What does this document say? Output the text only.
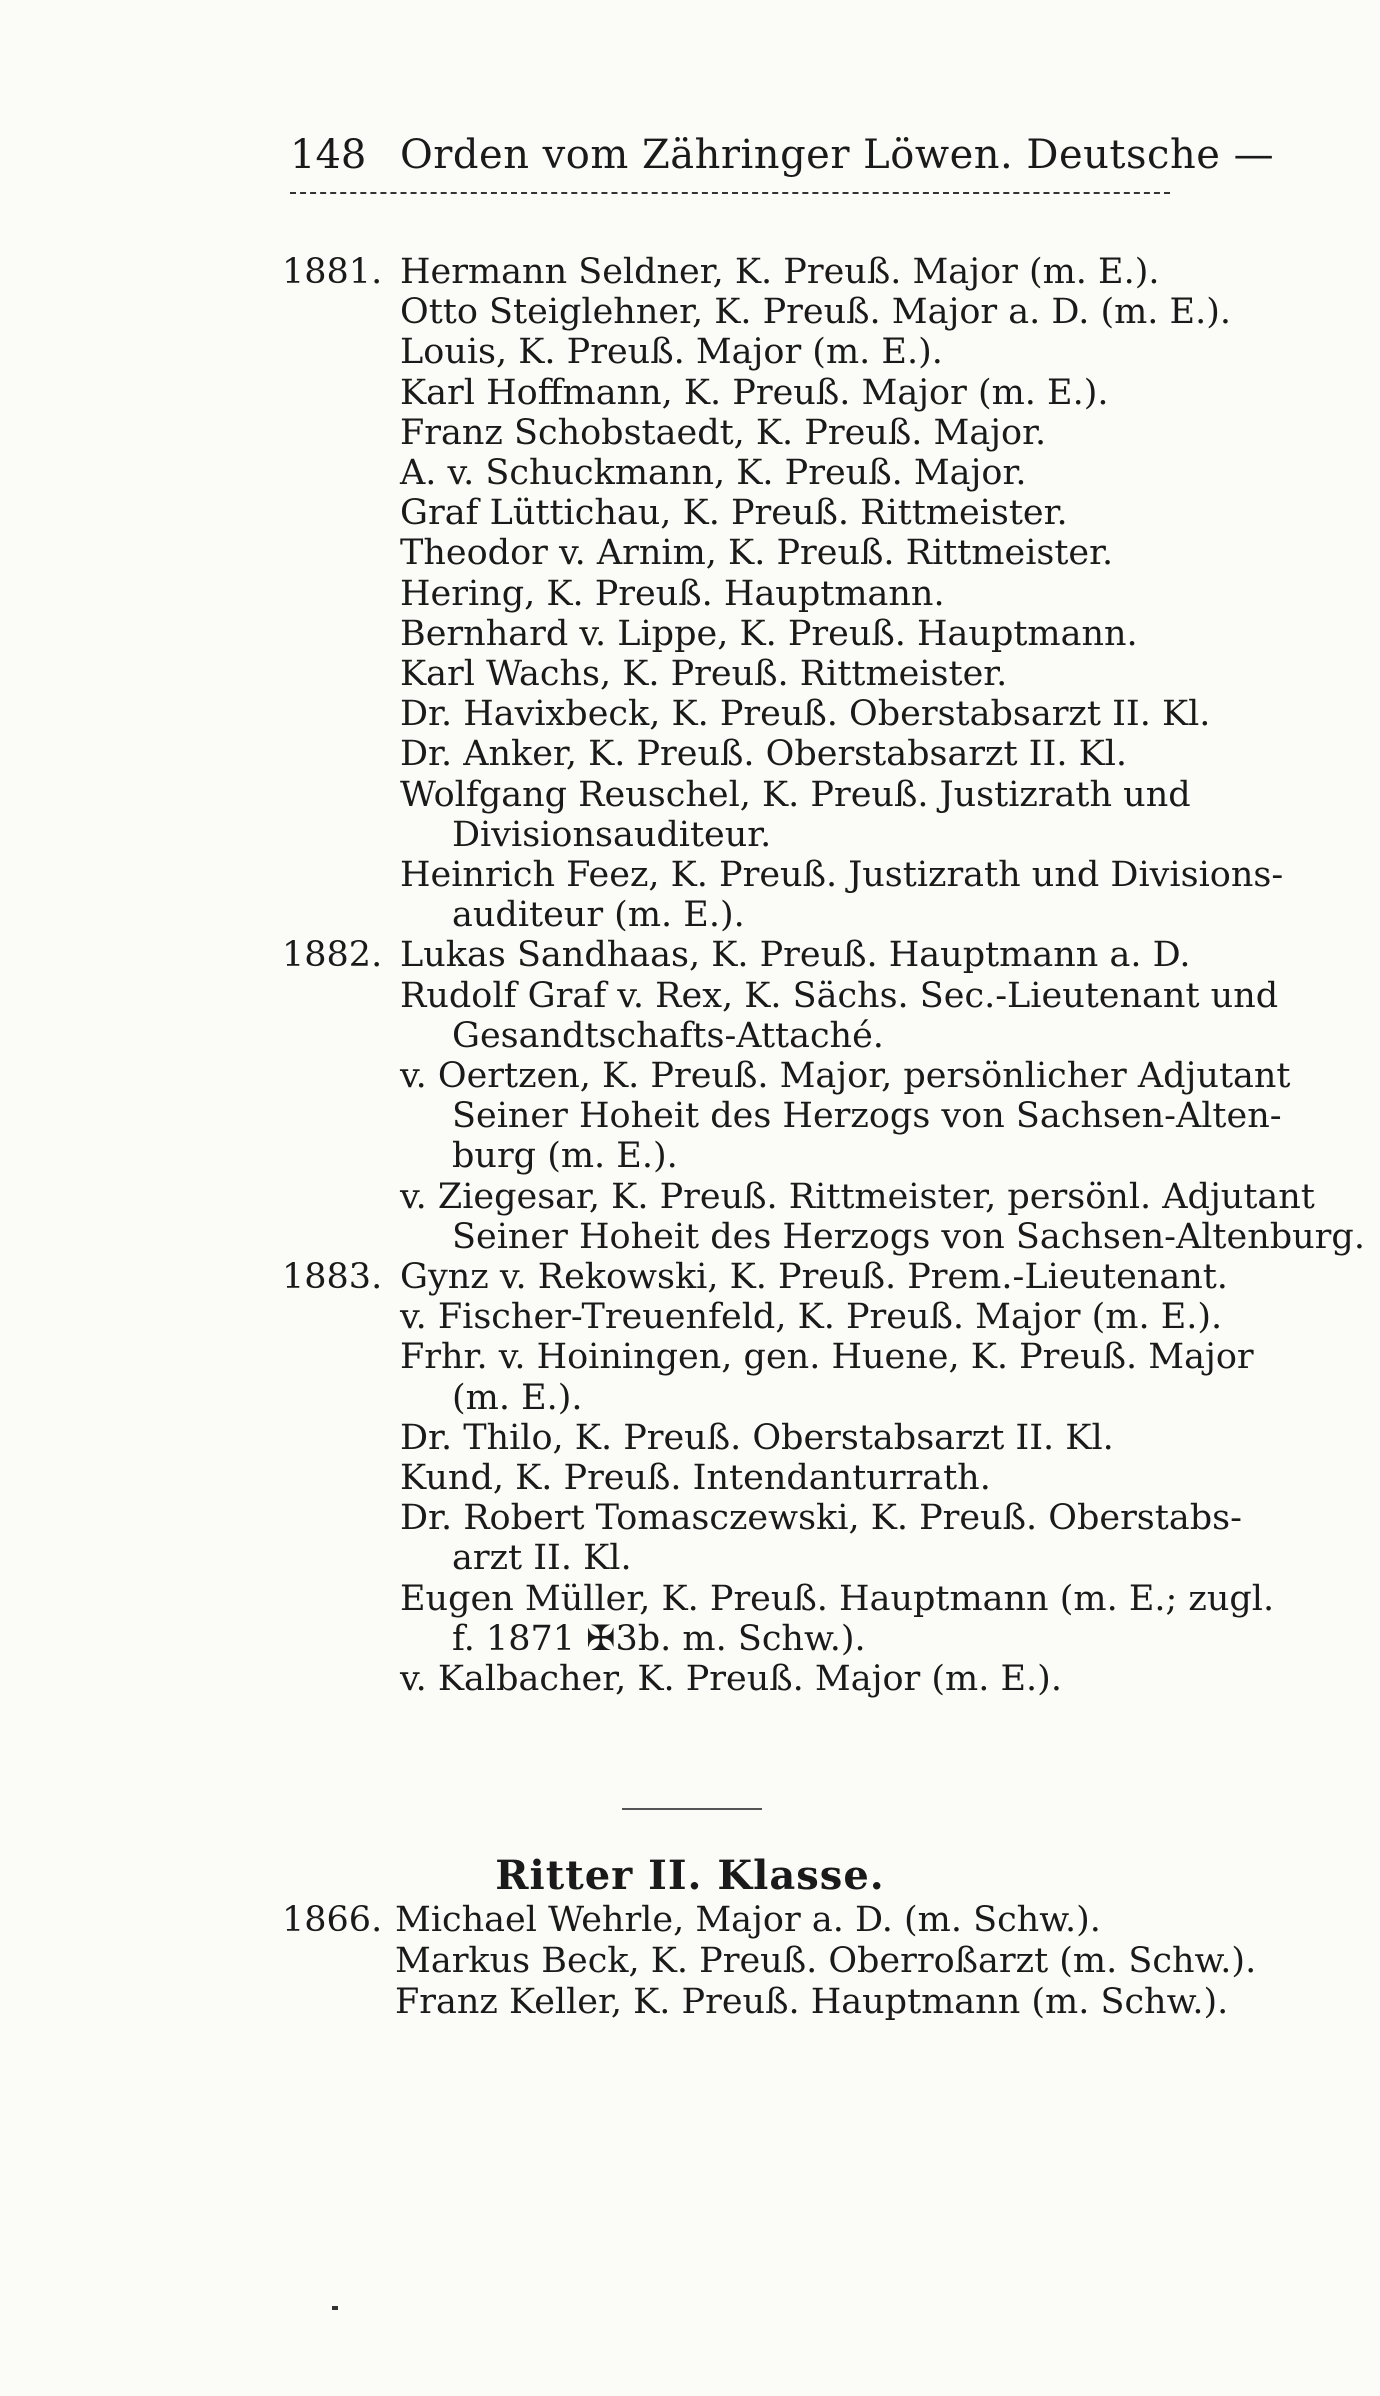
148 Orden vom Zähringer Löwen. Deutsche —
1881. Hermann Seldner, K. Preuß. Major (m. E.).
Otto Steiglehner, K. Preuß. Major a. D. (m. E.).
Louis, K. Preuß. Major (m. E.).
Karl Hoffmann, K. Preuß. Major (m. E.).
Franz Schobstaedt, K. Preuß. Major.
A. v. Schuckmann, K. Preuß. Major.
Graf Lüttichau, K. Preuß. Rittmeister.
Theodor v. Arnim, K. Preuß. Rittmeister.
Hering, K. Preuß. Hauptmann.
Bernhard v. Lippe, K. Preuß. Hauptmann.
Karl Wachs, K. Preuß. Rittmeister.
Dr. Havixbeck, K. Preuß. Oberstabsarzt II. Kl.
Dr. Anker, K. Preuß. Oberstabsarzt II. Kl.
Wolfgang Reuschel, K. Preuß. Justizrath und
Divisionsauditeur.
Heinrich Feez, K. Preuß. Justizrath und Divisions-
auditeur (m. E.).
1882. Lukas Sandhaas, K. Preuß. Hauptmann a. D.
Rudolf Graf v. Rex, K. Sächs. Sec.-Lieutenant und
Gesandtschafts-Attaché.
v. Oertzen, K. Preuß. Major, persönlicher Adjutant
Seiner Hoheit des Herzogs von Sachsen-Alten-
burg (m. E.).
v. Ziegesar, K. Preuß. Rittmeister, persönl. Adjutant
Seiner Hoheit des Herzogs von Sachsen-Altenburg.
1883. Gynz v. Rekowski, K. Preuß. Prem.-Lieutenant.
v. Fischer-Treuenfeld, K. Preuß. Major (m. E.).
Frhr. v. Hoiningen, gen. Huene, K. Preuß. Major
(m. E.).
Dr. Thilo, K. Preuß. Oberstabsarzt II. Kl.
Kund, K. Preuß. Intendanturrath.
Dr. Robert Tomasczewski, K. Preuß. Oberstabs-
arzt II. Kl.
Eugen Müller, K. Preuß. Hauptmann (m. E.; zugl.
f. 1871 ✠3b. m. Schw.).
v. Kalbacher, K. Preuß. Major (m. E.).
1866. Michael Wehrle, Major a. D. (m. Schw.).
Markus Beck, K. Preuß. Oberroßarzt (m. Schw.).
Franz Keller, K. Preuß. Hauptmann (m. Schw.).
Ritter II. Klasse.
